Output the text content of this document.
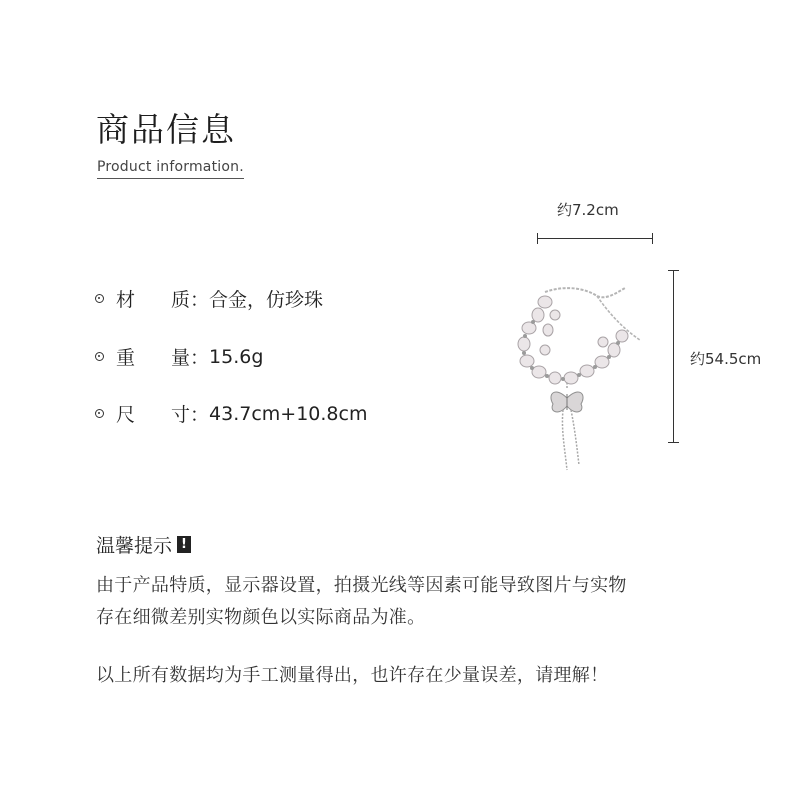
商品信息
Product information.
材	质： 合金，仿珍珠
重	量： 15.6g
尺	寸： 43.7cm+10.8cm
约7.2cm
约54.5cm
温馨提示 !
由于产品特质，显示器设置，拍摄光线等因素可能导致图片与实物
存在细微差别实物颜色以实际商品为准。
以上所有数据均为手工测量得出，也许存在少量误差，请理解！
